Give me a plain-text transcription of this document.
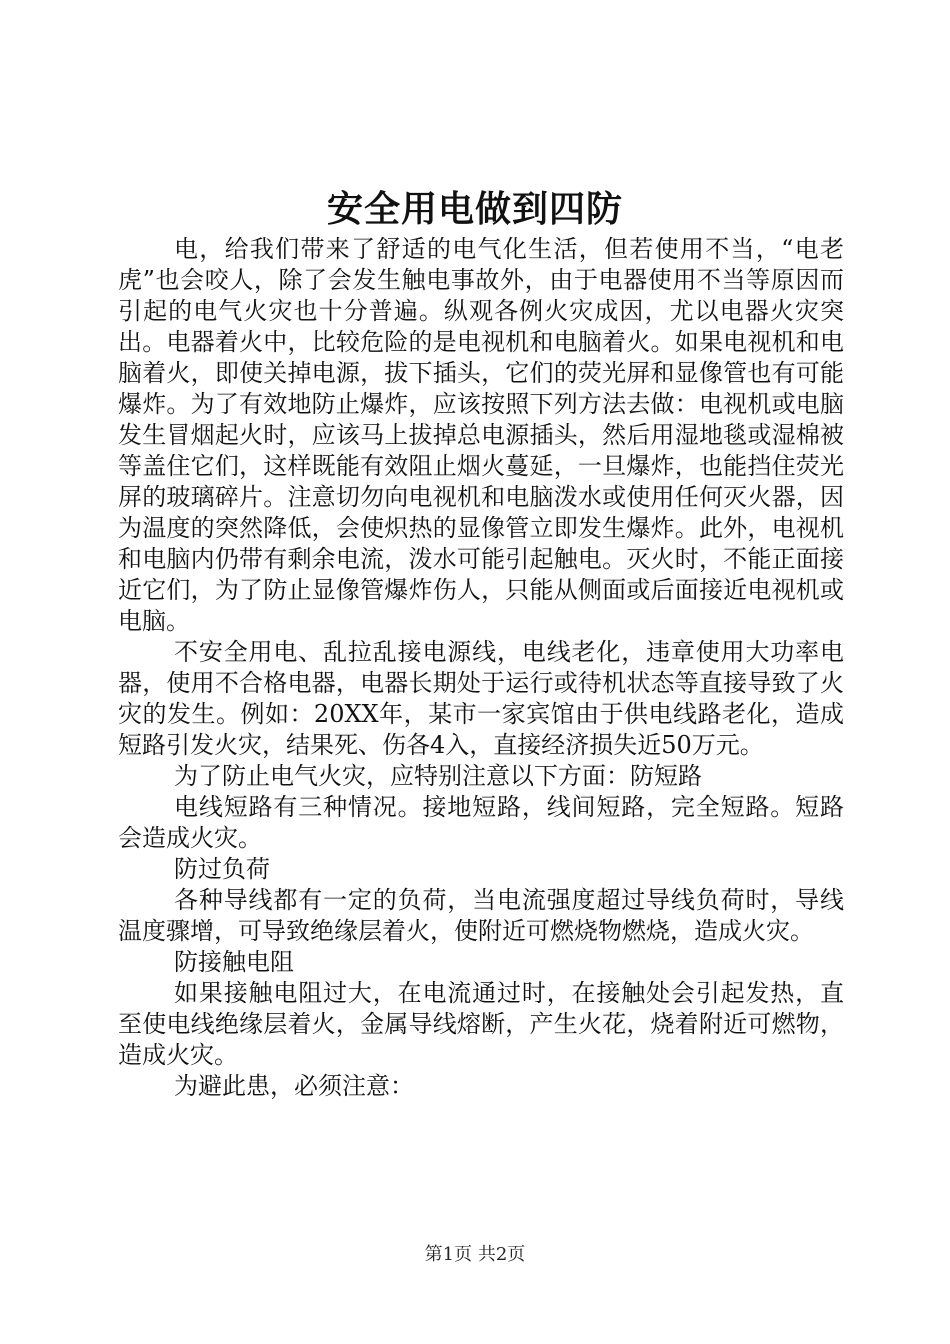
安全用电做到四防

电，给我们带来了舒适的电气化生活，但若使用不当，“电老虎”也会咬人，除了会发生触电事故外，由于电器使用不当等原因而引起的电气火灾也十分普遍。纵观各例火灾成因，尤以电器火灾突出。电器着火中，比较危险的是电视机和电脑着火。如果电视机和电脑着火，即使关掉电源，拔下插头，它们的荧光屏和显像管也有可能爆炸。为了有效地防止爆炸，应该按照下列方法去做：电视机或电脑发生冒烟起火时，应该马上拔掉总电源插头，然后用湿地毯或湿棉被等盖住它们，这样既能有效阻止烟火蔓延，一旦爆炸，也能挡住荧光屏的玻璃碎片。注意切勿向电视机和电脑泼水或使用任何灭火器，因为温度的突然降低，会使炽热的显像管立即发生爆炸。此外，电视机和电脑内仍带有剩余电流，泼水可能引起触电。灭火时，不能正面接近它们，为了防止显像管爆炸伤人，只能从侧面或后面接近电视机或电脑。

不安全用电、乱拉乱接电源线，电线老化，违章使用大功率电器，使用不合格电器，电器长期处于运行或待机状态等直接导致了火灾的发生。例如：20XX年，某市一家宾馆由于供电线路老化，造成短路引发火灾，结果死、伤各4入，直接经济损失近50万元。

为了防止电气火灾，应特别注意以下方面：防短路

电线短路有三种情况。接地短路，线间短路，完全短路。短路会造成火灾。

防过负荷

各种导线都有一定的负荷，当电流强度超过导线负荷时，导线温度骤增，可导致绝缘层着火，使附近可燃烧物燃烧，造成火灾。

防接触电阻

如果接触电阻过大，在电流通过时，在接触处会引起发热，直至使电线绝缘层着火，金属导线熔断，产生火花，烧着附近可燃物，造成火灾。

为避此患，必须注意：

第1页 共2页
